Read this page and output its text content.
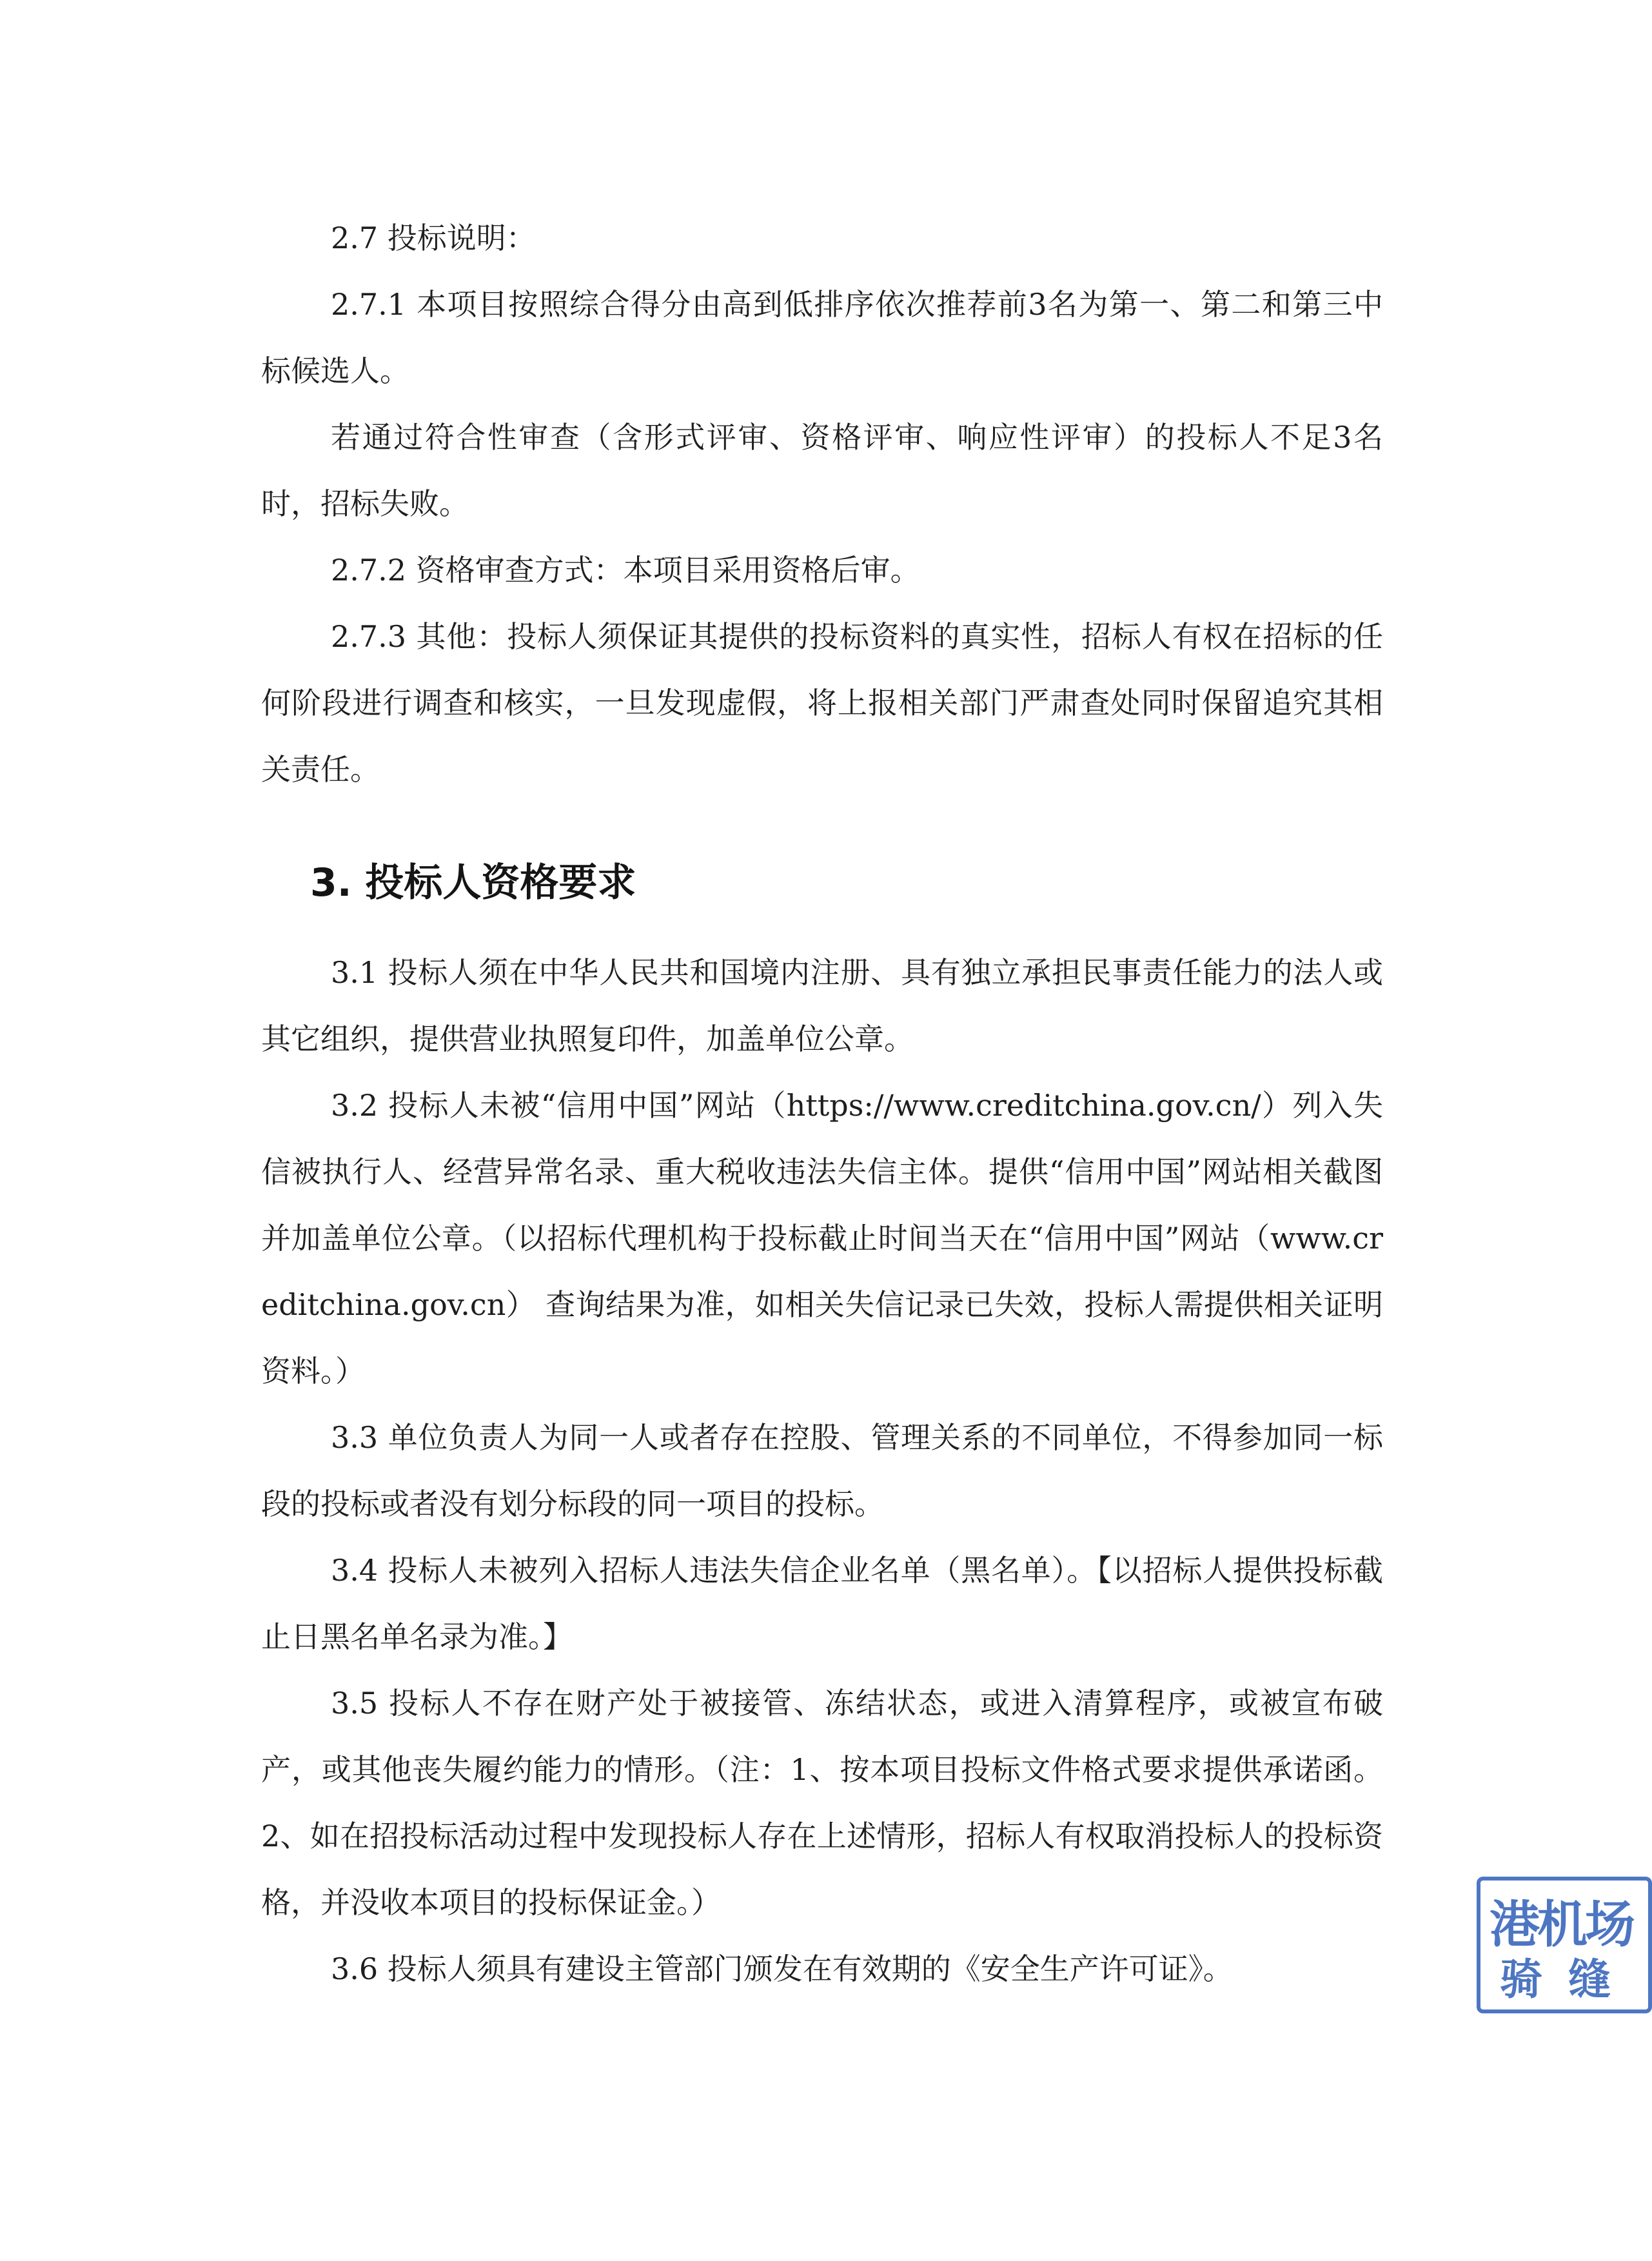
2.7 投标说明：

2.7.1 本项目按照综合得分由高到低排序依次推荐前3名为第一、第二和第三中标候选人。

若通过符合性审查（含形式评审、资格评审、响应性评审）的投标人不足3名时，招标失败。

2.7.2 资格审查方式：本项目采用资格后审。

2.7.3 其他：投标人须保证其提供的投标资料的真实性，招标人有权在招标的任何阶段进行调查和核实，一旦发现虚假，将上报相关部门严肃查处同时保留追究其相关责任。

3. 投标人资格要求

3.1 投标人须在中华人民共和国境内注册、具有独立承担民事责任能力的法人或其它组织，提供营业执照复印件，加盖单位公章。

3.2 投标人未被“信用中国”网站（https://www.creditchina.gov.cn/）列入失信被执行人、经营异常名录、重大税收违法失信主体。提供“信用中国”网站相关截图并加盖单位公章。（以招标代理机构于投标截止时间当天在“信用中国”网站（www.creditchina.gov.cn） 查询结果为准，如相关失信记录已失效，投标人需提供相关证明资料。）

3.3 单位负责人为同一人或者存在控股、管理关系的不同单位，不得参加同一标段的投标或者没有划分标段的同一项目的投标。

3.4 投标人未被列入招标人违法失信企业名单（黑名单）。【以招标人提供投标截止日黑名单名录为准。】

3.5 投标人不存在财产处于被接管、冻结状态，或进入清算程序，或被宣布破产，或其他丧失履约能力的情形。（注：1、按本项目投标文件格式要求提供承诺函。2、如在招投标活动过程中发现投标人存在上述情形，招标人有权取消投标人的投标资格，并没收本项目的投标保证金。）

3.6 投标人须具有建设主管部门颁发在有效期的《安全生产许可证》。

港机场
骑缝
